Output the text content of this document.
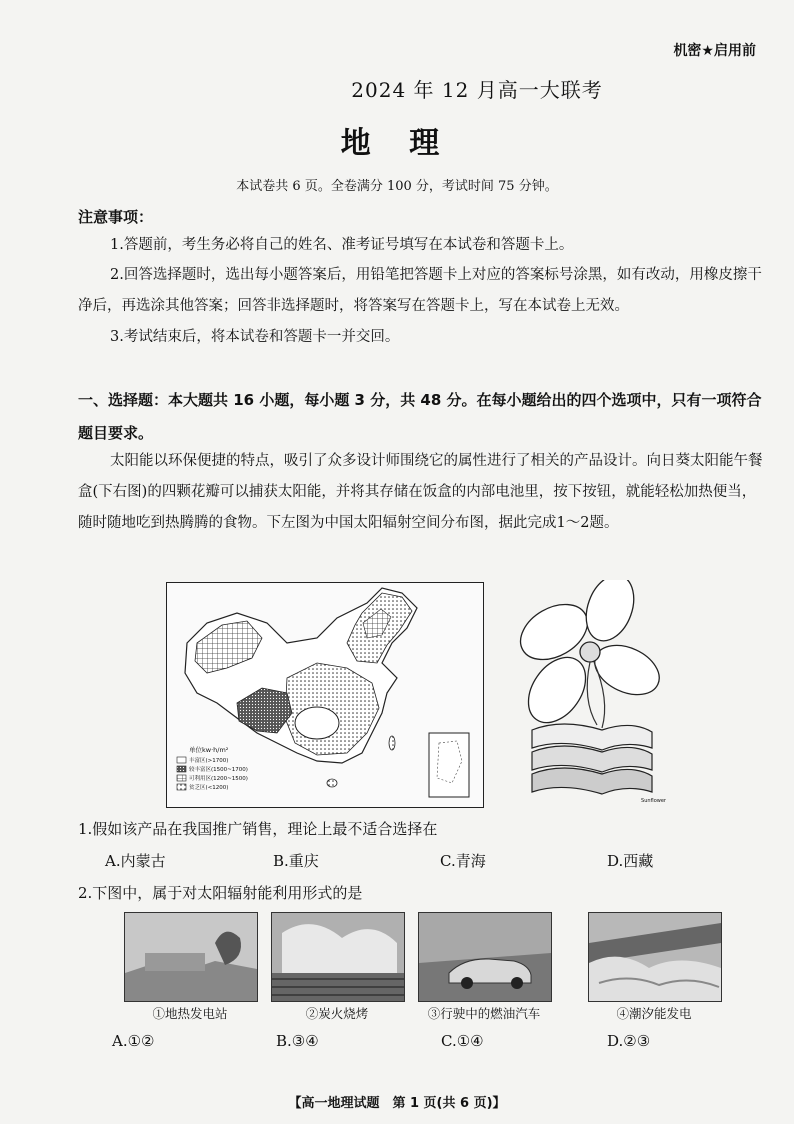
机密★启用前
2024 年 12 月高一大联考
地 理
本试卷共 6 页。全卷满分 100 分，考试时间 75 分钟。
注意事项：
1.答题前，考生务必将自己的姓名、准考证号填写在本试卷和答题卡上。
2.回答选择题时，选出每小题答案后，用铅笔把答题卡上对应的答案标号涂黑，如有改动，用橡皮擦干净后，再选涂其他答案；回答非选择题时，将答案写在答题卡上，写在本试卷上无效。
3.考试结束后，将本试卷和答题卡一并交回。
一、选择题：本大题共 16 小题，每小题 3 分，共 48 分。在每小题给出的四个选项中，只有一项符合题目要求。
太阳能以环保便捷的特点，吸引了众多设计师围绕它的属性进行了相关的产品设计。向日葵太阳能午餐盒(下右图)的四颗花瓣可以捕获太阳能，并将其存储在饭盒的内部电池里，按下按钮，就能轻松加热便当，随时随地吃到热腾腾的食物。下左图为中国太阳辐射空间分布图，据此完成1～2题。
单位kw·h/m²
丰富区(>1700)
较丰富区(1500~1700)
可利用区(1200~1500)
贫乏区(<1200)
Sunflower
1.假如该产品在我国推广销售，理论上最不适合选择在
A.内蒙古	B.重庆	C.青海	D.西藏
2.下图中，属于对太阳辐射能利用形式的是
①地热发电站	②炭火烧烤	③行驶中的燃油汽车	④潮汐能发电
A.①②	B.③④	C.①④	D.②③
【高一地理试题　第 1 页(共 6 页)】
